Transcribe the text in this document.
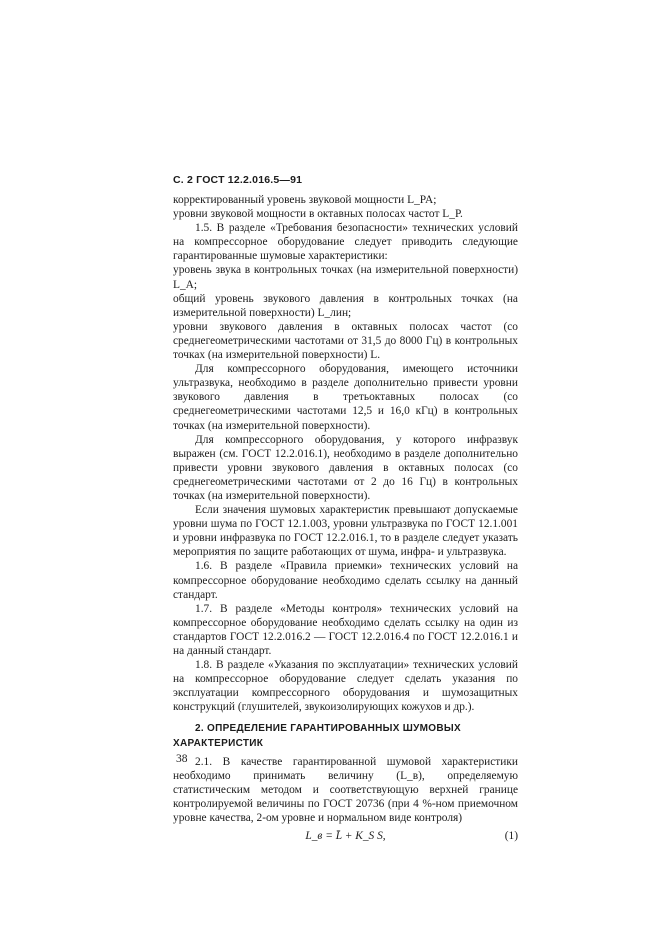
С. 2 ГОСТ 12.2.016.5—91

корректированный уровень звуковой мощности L_PA;

уровни звуковой мощности в октавных полосах частот L_P.

1.5. В разделе «Требования безопасности» технических условий на компрессорное оборудование следует приводить следующие гарантированные шумовые характеристики:

уровень звука в контрольных точках (на измерительной поверхности) L_A;

общий уровень звукового давления в контрольных точках (на измерительной поверхности) L_лин;

уровни звукового давления в октавных полосах частот (со среднегеометрическими частотами от 31,5 до 8000 Гц) в контрольных точках (на измерительной поверхности) L.

Для компрессорного оборудования, имеющего источники ультразвука, необходимо в разделе дополнительно привести уровни звукового давления в третьоктавных полосах (со среднегеометрическими частотами 12,5 и 16,0 кГц) в контрольных точках (на измерительной поверхности).

Для компрессорного оборудования, у которого инфразвук выражен (см. ГОСТ 12.2.016.1), необходимо в разделе дополнительно привести уровни звукового давления в октавных полосах (со среднегеометрическими частотами от 2 до 16 Гц) в контрольных точках (на измерительной поверхности).

Если значения шумовых характеристик превышают допускаемые уровни шума по ГОСТ 12.1.003, уровни ультразвука по ГОСТ 12.1.001 и уровни инфразвука по ГОСТ 12.2.016.1, то в разделе следует указать мероприятия по защите работающих от шума, инфра- и ультразвука.

1.6. В разделе «Правила приемки» технических условий на компрессорное оборудование необходимо сделать ссылку на данный стандарт.

1.7. В разделе «Методы контроля» технических условий на компрессорное оборудование необходимо сделать ссылку на один из стандартов ГОСТ 12.2.016.2 — ГОСТ 12.2.016.4 по ГОСТ 12.2.016.1 и на данный стандарт.

1.8. В разделе «Указания по эксплуатации» технических условий на компрессорное оборудование следует сделать указания по эксплуатации компрессорного оборудования и шумозащитных конструкций (глушителей, звукоизолирующих кожухов и др.).

2. ОПРЕДЕЛЕНИЕ ГАРАНТИРОВАННЫХ ШУМОВЫХ ХАРАКТЕРИСТИК

2.1. В качестве гарантированной шумовой характеристики необходимо принимать величину (L_в), определяемую статистическим методом и соответствующую верхней границе контролируемой величины по ГОСТ 20736 (при 4 %-ном приемочном уровне качества, 2-ом уровне и нормальном виде контроля)

L_в = L̄ + K_S S,	(1)

38
